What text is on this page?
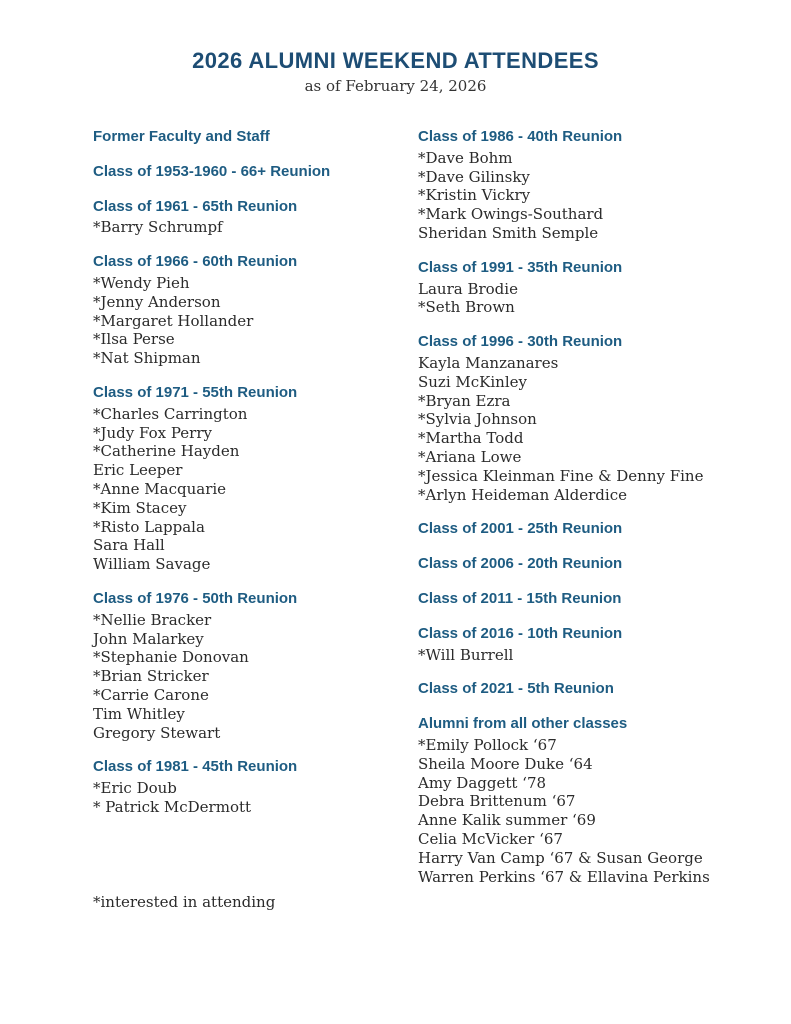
2026 ALUMNI WEEKEND ATTENDEES
as of February 24, 2026
Former Faculty and Staff
Class of 1953-1960 - 66+ Reunion
Class of 1961 - 65th Reunion
*Barry Schrumpf
Class of 1966 - 60th Reunion
*Wendy Pieh
*Jenny Anderson
*Margaret Hollander
*Ilsa Perse
*Nat Shipman
Class of 1971 - 55th Reunion
*Charles Carrington
*Judy Fox Perry
*Catherine Hayden
Eric Leeper
*Anne Macquarie
*Kim Stacey
*Risto Lappala
Sara Hall
William Savage
Class of 1976 - 50th Reunion
*Nellie Bracker
John Malarkey
*Stephanie Donovan
*Brian Stricker
*Carrie Carone
Tim Whitley
Gregory Stewart
Class of 1981 - 45th Reunion
*Eric Doub
* Patrick McDermott
*interested in attending
Class of 1986 - 40th Reunion
*Dave Bohm
*Dave Gilinsky
*Kristin Vickry
*Mark Owings-Southard
Sheridan Smith Semple
Class of 1991 - 35th Reunion
Laura Brodie
*Seth Brown
Class of 1996 - 30th Reunion
Kayla Manzanares
Suzi McKinley
*Bryan Ezra
*Sylvia Johnson
*Martha Todd
*Ariana Lowe
*Jessica Kleinman Fine & Denny Fine
*Arlyn Heideman Alderdice
Class of 2001 - 25th Reunion
Class of 2006 - 20th Reunion
Class of 2011 - 15th Reunion
Class of 2016 - 10th Reunion
*Will Burrell
Class of 2021 - 5th Reunion
Alumni from all other classes
*Emily Pollock ‘67
Sheila Moore Duke ‘64
Amy Daggett ‘78
Debra Brittenum ‘67
Anne Kalik summer ‘69
Celia McVicker ‘67
Harry Van Camp ‘67 & Susan George
Warren Perkins ‘67 & Ellavina Perkins
